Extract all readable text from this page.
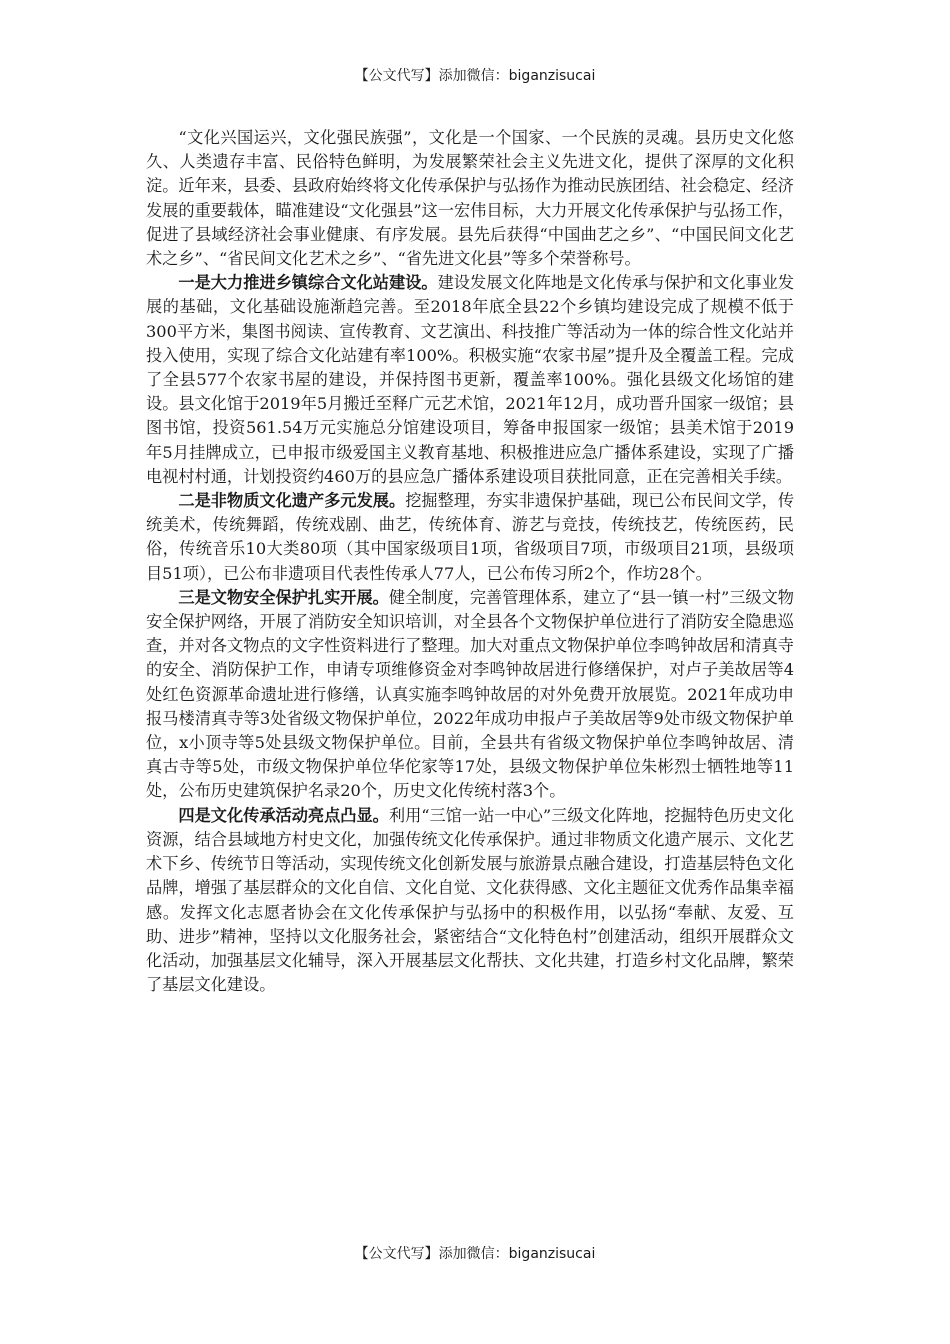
【公文代写】添加微信：biganzisucai

“文化兴国运兴，文化强民族强”，文化是一个国家、一个民族的灵魂。县历史文化悠久、人类遗存丰富、民俗特色鲜明，为发展繁荣社会主义先进文化，提供了深厚的文化积淀。近年来，县委、县政府始终将文化传承保护与弘扬作为推动民族团结、社会稳定、经济发展的重要载体，瞄准建设“文化强县”这一宏伟目标，大力开展文化传承保护与弘扬工作，促进了县域经济社会事业健康、有序发展。县先后获得“中国曲艺之乡”、“中国民间文化艺术之乡”、“省民间文化艺术之乡”、“省先进文化县”等多个荣誉称号。

一是大力推进乡镇综合文化站建设。建设发展文化阵地是文化传承与保护和文化事业发展的基础，文化基础设施渐趋完善。至2018年底全县22个乡镇均建设完成了规模不低于300平方米，集图书阅读、宣传教育、文艺演出、科技推广等活动为一体的综合性文化站并投入使用，实现了综合文化站建有率100%。积极实施“农家书屋”提升及全覆盖工程。完成了全县577个农家书屋的建设，并保持图书更新，覆盖率100%。强化县级文化场馆的建设。县文化馆于2019年5月搬迁至释广元艺术馆，2021年12月，成功晋升国家一级馆；县图书馆，投资561.54万元实施总分馆建设项目，筹备申报国家一级馆；县美术馆于2019年5月挂牌成立，已申报市级爱国主义教育基地、积极推进应急广播体系建设，实现了广播电视村村通，计划投资约460万的县应急广播体系建设项目获批同意，正在完善相关手续。

二是非物质文化遗产多元发展。挖掘整理，夯实非遗保护基础，现已公布民间文学，传统美术，传统舞蹈，传统戏剧、曲艺，传统体育、游艺与竞技，传统技艺，传统医药，民俗，传统音乐10大类80项（其中国家级项目1项，省级项目7项，市级项目21项，县级项目51项），已公布非遗项目代表性传承人77人，已公布传习所2个，作坊28个。

三是文物安全保护扎实开展。健全制度，完善管理体系，建立了“县一镇一村”三级文物安全保护网络，开展了消防安全知识培训，对全县各个文物保护单位进行了消防安全隐患巡查，并对各文物点的文字性资料进行了整理。加大对重点文物保护单位李鸣钟故居和清真寺的安全、消防保护工作，申请专项维修资金对李鸣钟故居进行修缮保护，对卢子美故居等4处红色资源革命遗址进行修缮，认真实施李鸣钟故居的对外免费开放展览。2021年成功申报马楼清真寺等3处省级文物保护单位，2022年成功申报卢子美故居等9处市级文物保护单位，x小顶寺等5处县级文物保护单位。目前，全县共有省级文物保护单位李鸣钟故居、清真古寺等5处，市级文物保护单位华佗家等17处，县级文物保护单位朱彬烈士牺牲地等11处，公布历史建筑保护名录20个，历史文化传统村落3个。

四是文化传承活动亮点凸显。利用“三馆一站一中心”三级文化阵地，挖掘特色历史文化资源，结合县域地方村史文化，加强传统文化传承保护。通过非物质文化遗产展示、文化艺术下乡、传统节日等活动，实现传统文化创新发展与旅游景点融合建设，打造基层特色文化品牌，增强了基层群众的文化自信、文化自觉、文化获得感、文化主题征文优秀作品集幸福感。发挥文化志愿者协会在文化传承保护与弘扬中的积极作用，以弘扬“奉献、友爱、互助、进步”精神，坚持以文化服务社会，紧密结合“文化特色村”创建活动，组织开展群众文化活动，加强基层文化辅导，深入开展基层文化帮扶、文化共建，打造乡村文化品牌，繁荣了基层文化建设。

【公文代写】添加微信：biganzisucai
